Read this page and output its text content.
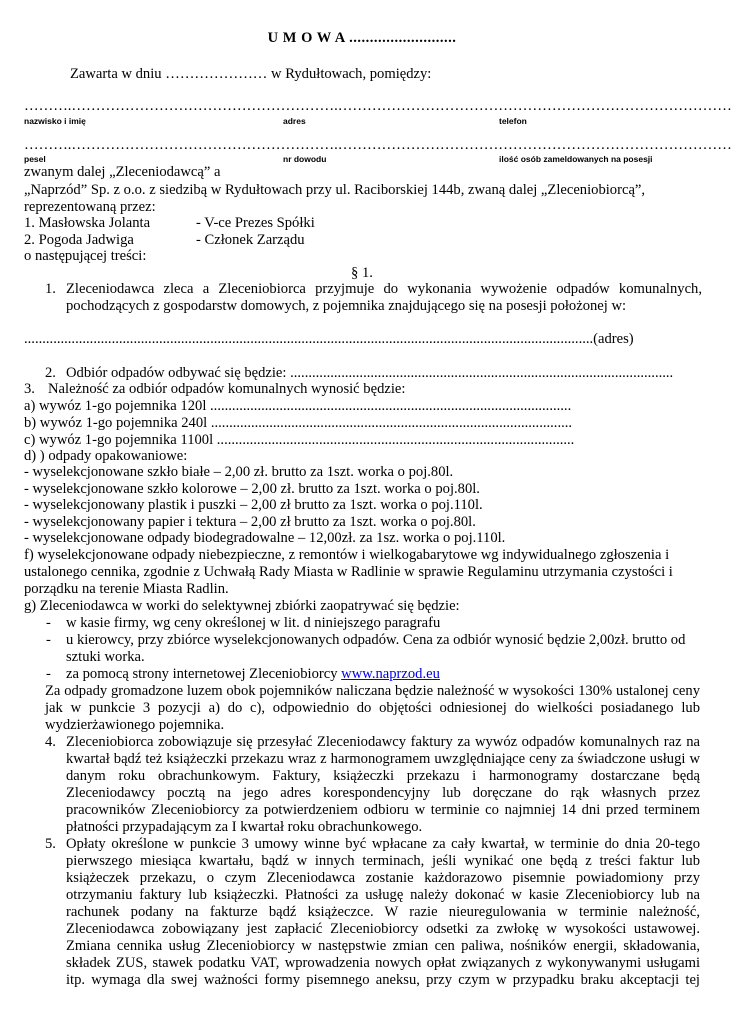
U M O W A ..........................
Zawarta w dniu ………………… w Rydułtowach, pomiędzy:
……….……………………………………………….………………………………………………………………………
nazwisko i imię	adres	telefon
……….……………………………………………….………………………………………………………………………
pesel	nr dowodu	ilość osób zameldowanych na posesji
zwanym dalej „Zleceniodawcą” a
„Naprzód” Sp. z o.o. z siedzibą w Rydułtowach przy ul. Raciborskiej 144b, zwaną dalej „Zleceniobiorcą”,
reprezentowaną przez:
1. Masłowska Jolanta	- V-ce Prezes Spółki
2. Pogoda Jadwiga	- Członek Zarządu
o następującej treści:
§ 1.
1. Zleceniodawca zleca a Zleceniobiorca przyjmuje do wykonania wywożenie odpadów komunalnych,
pochodzących z gospodarstw domowych, z pojemnika znajdującego się na posesji położonej w:
............................................................................................................................................................(adres)
2. Odbiór odpadów odbywać się będzie: .........................................................................................................
3. Należność za odbiór odpadów komunalnych wynosić będzie:
a) wywóz 1-go pojemnika 120l ...................................................................................................
b) wywóz 1-go pojemnika 240l ...................................................................................................
c) wywóz 1-go pojemnika 1100l ..................................................................................................
d) ) odpady opakowaniowe:
- wyselekcjonowane szkło białe – 2,00 zł. brutto za 1szt. worka o poj.80l.
- wyselekcjonowane szkło kolorowe – 2,00 zł. brutto za 1szt. worka o poj.80l.
- wyselekcjonowany plastik i puszki – 2,00 zł brutto za 1szt. worka o poj.110l.
- wyselekcjonowany papier i tektura – 2,00 zł brutto za 1szt. worka o poj.80l.
- wyselekcjonowane odpady biodegradowalne – 12,00zł. za 1sz. worka o poj.110l.
f) wyselekcjonowane odpady niebezpieczne, z remontów i wielkogabarytowe wg indywidualnego zgłoszenia i
ustalonego cennika, zgodnie z Uchwałą Rady Miasta w Radlinie w sprawie Regulaminu utrzymania czystości i
porządku na terenie Miasta Radlin.
g) Zleceniodawca w worki do selektywnej zbiórki zaopatrywać się będzie:
- w kasie firmy, wg ceny określonej w lit. d niniejszego paragrafu
- u kierowcy, przy zbiórce wyselekcjonowanych odpadów. Cena za odbiór wynosić będzie 2,00zł. brutto od
sztuki worka.
- za pomocą strony internetowej Zleceniobiorcy www.naprzod.eu
Za odpady gromadzone luzem obok pojemników naliczana będzie należność w wysokości 130% ustalonej ceny
jak w punkcie 3 pozycji a) do c), odpowiednio do objętości odniesionej do wielkości posiadanego lub
wydzierżawionego pojemnika.
4. Zleceniobiorca zobowiązuje się przesyłać Zleceniodawcy faktury za wywóz odpadów komunalnych raz na
kwartał bądź też książeczki przekazu wraz z harmonogramem uwzględniające ceny za świadczone usługi w
danym roku obrachunkowym. Faktury, książeczki przekazu i harmonogramy dostarczane będą
Zleceniodawcy pocztą na jego adres korespondencyjny lub doręczane do rąk własnych przez
pracowników Zleceniobiorcy za potwierdzeniem odbioru w terminie co najmniej 14 dni przed terminem
płatności przypadającym za I kwartał roku obrachunkowego.
5. Opłaty określone w punkcie 3 umowy winne być wpłacane za cały kwartał, w terminie do dnia 20-tego
pierwszego miesiąca kwartału, bądź w innych terminach, jeśli wynikać one będą z treści faktur lub
książeczek przekazu, o czym Zleceniodawca zostanie każdorazowo pisemnie powiadomiony przy
otrzymaniu faktury lub książeczki. Płatności za usługę należy dokonać w kasie Zleceniobiorcy lub na
rachunek podany na fakturze bądź książeczce. W razie nieuregulowania w terminie należność,
Zleceniodawca zobowiązany jest zapłacić Zleceniobiorcy odsetki za zwłokę w wysokości ustawowej.
Zmiana cennika usług Zleceniobiorcy w następstwie zmian cen paliwa, nośników energii, składowania,
składek ZUS, stawek podatku VAT, wprowadzenia nowych opłat związanych z wykonywanymi usługami
itp. wymaga dla swej ważności formy pisemnego aneksu, przy czym w przypadku braku akceptacji tej
